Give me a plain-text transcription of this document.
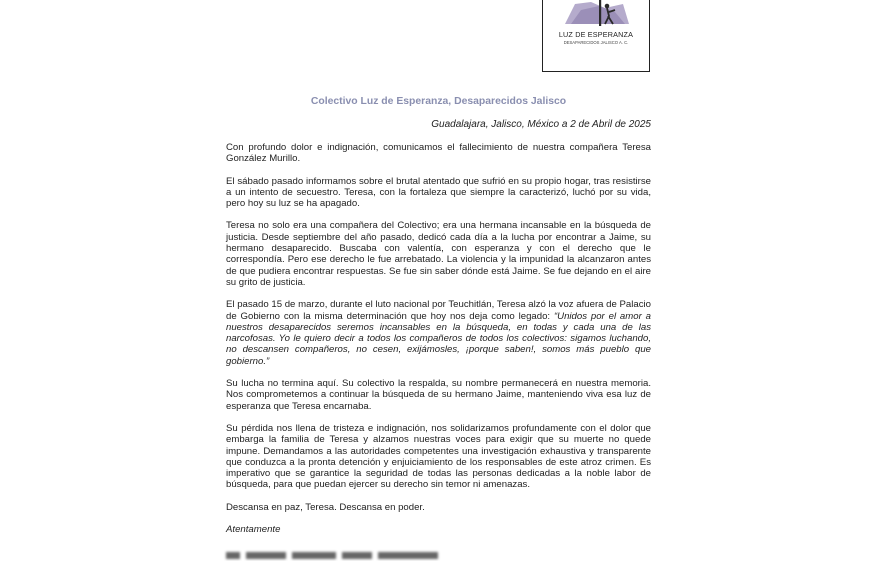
LUZ DE ESPERANZA
DESAPARECIDOS JALISCO A. C.
Colectivo Luz de Esperanza, Desaparecidos Jalisco
Guadalajara, Jalisco, México a 2 de Abril de 2025

Con profundo dolor e indignación, comunicamos el fallecimiento de nuestra compañera Teresa González Murillo.

El sábado pasado informamos sobre el brutal atentado que sufrió en su propio hogar, tras resistirse a un intento de secuestro. Teresa, con la fortaleza que siempre la caracterizó, luchó por su vida, pero hoy su luz se ha apagado.

Teresa no solo era una compañera del Colectivo; era una hermana incansable en la búsqueda de justicia. Desde septiembre del año pasado, dedicó cada día a la lucha por encontrar a Jaime, su hermano desaparecido. Buscaba con valentía, con esperanza y con el derecho que le correspondía. Pero ese derecho le fue arrebatado. La violencia y la impunidad la alcanzaron antes de que pudiera encontrar respuestas. Se fue sin saber dónde está Jaime. Se fue dejando en el aire su grito de justicia.

El pasado 15 de marzo, durante el luto nacional por Teuchitlán, Teresa alzó la voz afuera de Palacio de Gobierno con la misma determinación que hoy nos deja como legado: “Unidos por el amor a nuestros desaparecidos seremos incansables en la búsqueda, en todas y cada una de las narcofosas. Yo le quiero decir a todos los compañeros de todos los colectivos: sigamos luchando, no descansen compañeros, no cesen, exijámosles, ¡porque saben!, somos más pueblo que gobierno.”

Su lucha no termina aquí. Su colectivo la respalda, su nombre permanecerá en nuestra memoria. Nos comprometemos a continuar la búsqueda de su hermano Jaime, manteniendo viva esa luz de esperanza que Teresa encarnaba.

Su pérdida nos llena de tristeza e indignación, nos solidarizamos profundamente con el dolor que embarga la familia de Teresa y alzamos nuestras voces para exigir que su muerte no quede impune. Demandamos a las autoridades competentes una investigación exhaustiva y transparente que conduzca a la pronta detención y enjuiciamiento de los responsables de este atroz crimen. Es imperativo que se garantice la seguridad de todas las personas dedicadas a la noble labor de búsqueda, para que puedan ejercer su derecho sin temor ni amenazas.

Descansa en paz, Teresa. Descansa en poder.

Atentamente
